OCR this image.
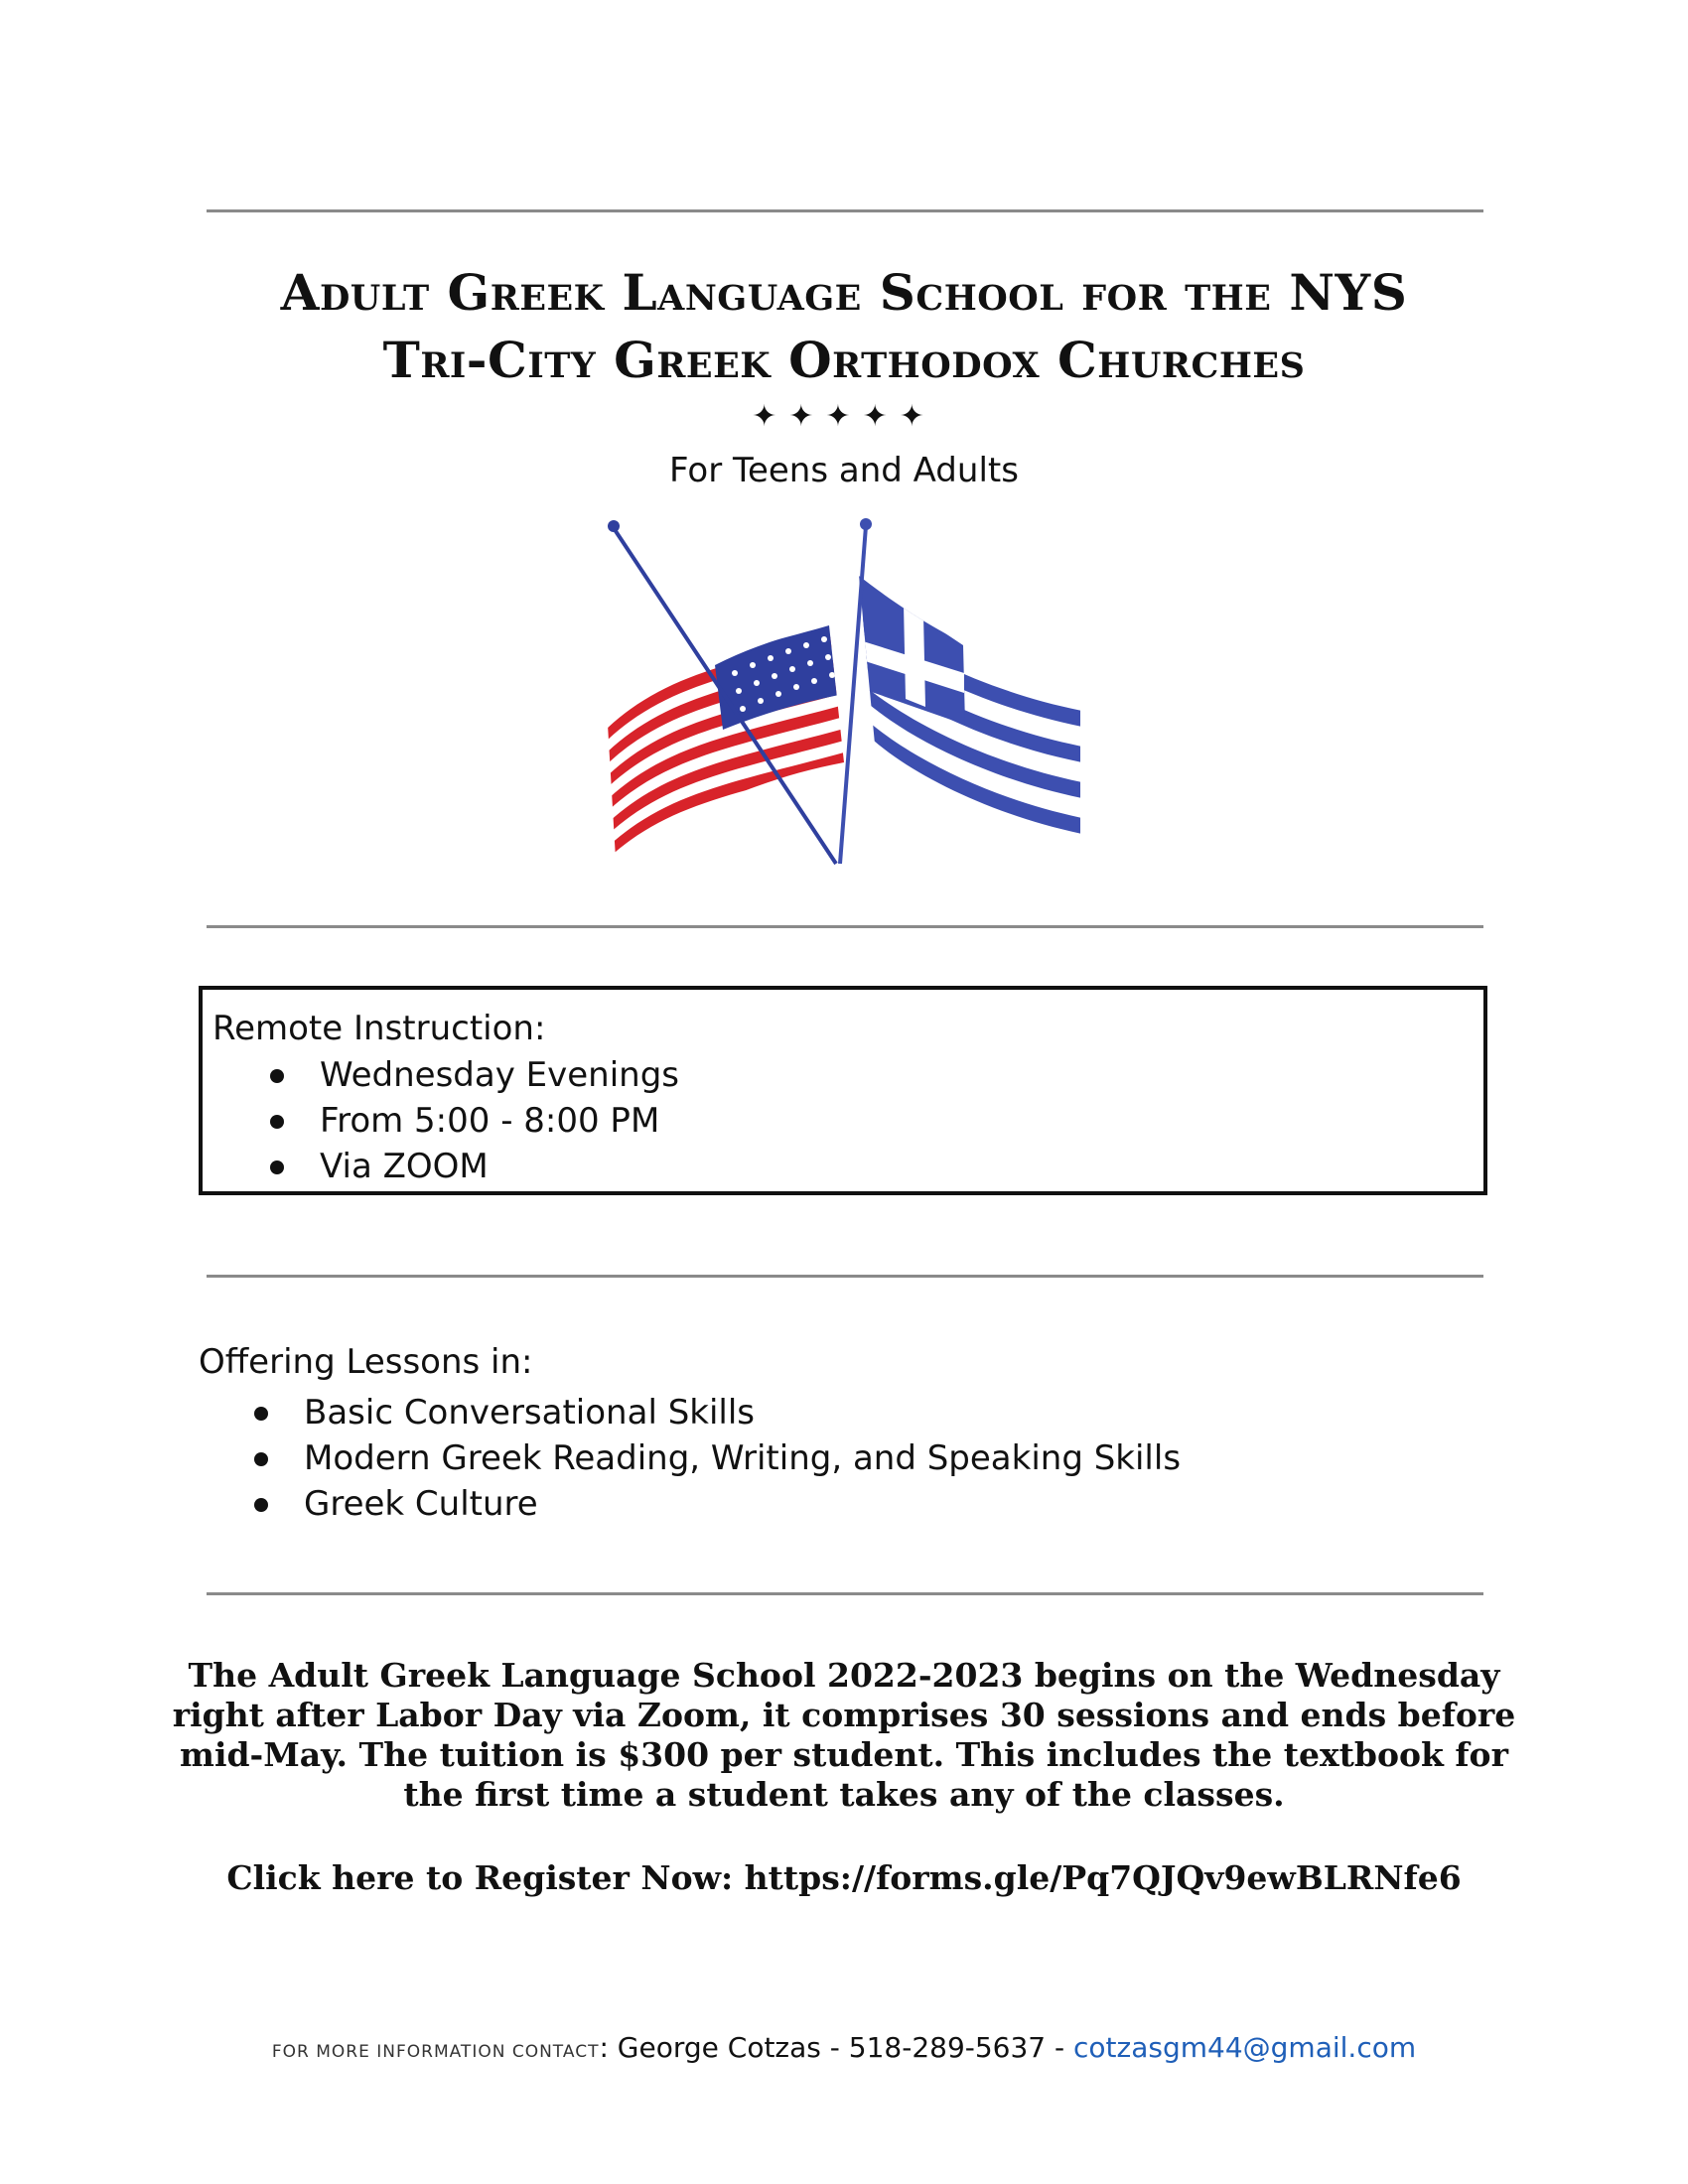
Adult Greek Language School for the NYS
Tri-City Greek Orthodox Churches
✦✦✦✦✦
For Teens and Adults
Remote Instruction:
Wednesday Evenings
From 5:00 - 8:00 PM
Via ZOOM
Offering Lessons in:
Basic Conversational Skills
Modern Greek Reading, Writing, and Speaking Skills
Greek Culture
The Adult Greek Language School 2022-2023 begins on the Wednesday right after Labor Day via Zoom, it comprises 30 sessions and ends before mid-May. The tuition is $300 per student. This includes the textbook for the first time a student takes any of the classes.
Click here to Register Now: https://forms.gle/Pq7QJQv9ewBLRNfe6
FOR MORE INFORMATION CONTACT: George Cotzas - 518-289-5637 - cotzasgm44@gmail.com
